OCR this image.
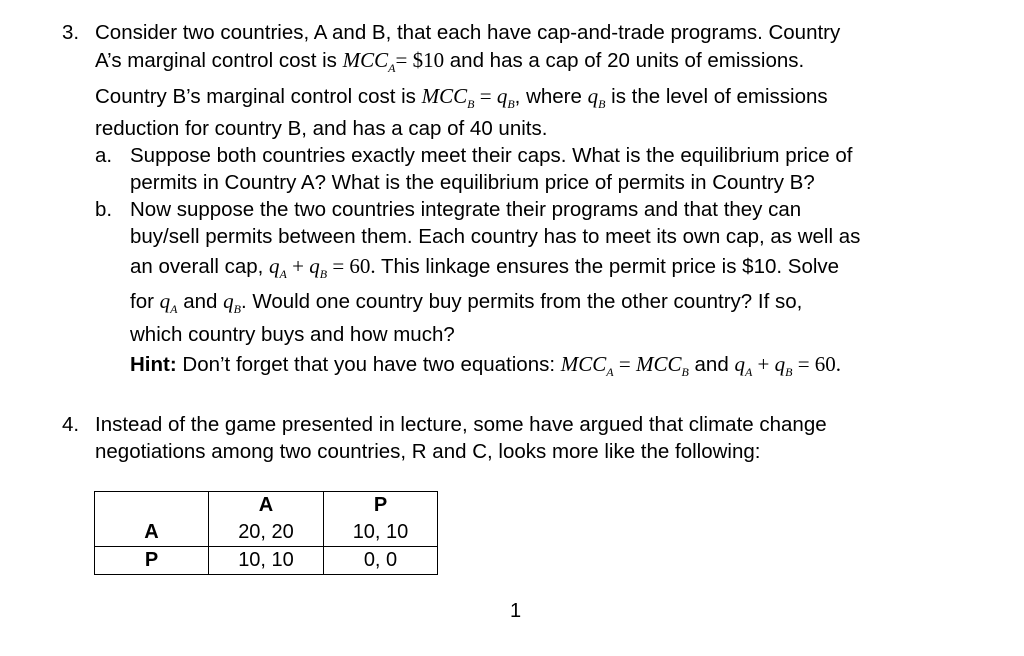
3. Consider two countries, A and B, that each have cap-and-trade programs. Country
A’s marginal control cost is $MCC_A=$ $10 and has a cap of 20 units of emissions.
Country B’s marginal control cost is $MCC_B = q_B$, where $q_B$ is the level of emissions
reduction for country B, and has a cap of 40 units.
a. Suppose both countries exactly meet their caps. What is the equilibrium price of
permits in Country A? What is the equilibrium price of permits in Country B?
b. Now suppose the two countries integrate their programs and that they can
buy/sell permits between them. Each country has to meet its own cap, as well as
an overall cap, $q_A + q_B = 60$. This linkage ensures the permit price is $10. Solve
for $q_A$ and $q_B$. Would one country buy permits from the other country? If so,
which country buys and how much?
Hint: Don’t forget that you have two equations: $MCC_A = MCC_B$ and $q_A + q_B = 60$.
4. Instead of the game presented in lecture, some have argued that climate change
negotiations among two countries, R and C, looks more like the following:
	A	P
A	20, 20	10, 10
P	10, 10	0, 0
1
